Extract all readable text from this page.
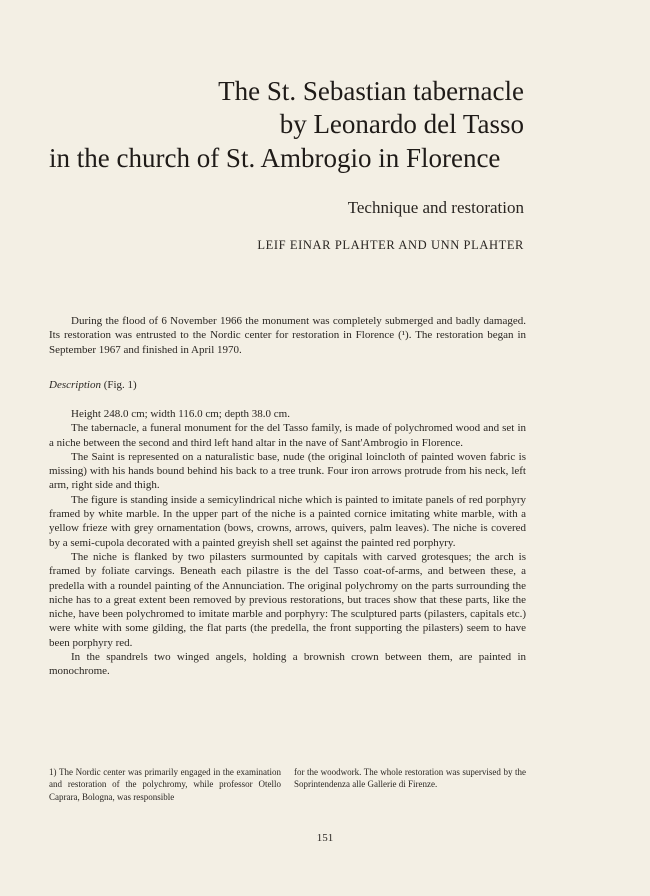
The St. Sebastian tabernacle
by Leonardo del Tasso
in the church of St. Ambrogio in Florence
Technique and restoration

LEIF EINAR PLAHTER AND UNN PLAHTER

During the flood of 6 November 1966 the monument was completely submerged and badly damaged. Its restoration was entrusted to the Nordic center for restoration in Florence (¹). The restoration began in September 1967 and finished in April 1970.

Description (Fig. 1)

Height 248.0 cm; width 116.0 cm; depth 38.0 cm.

The tabernacle, a funeral monument for the del Tasso family, is made of polychromed wood and set in a niche between the second and third left hand altar in the nave of Sant'Ambrogio in Florence.

The Saint is represented on a naturalistic base, nude (the original loincloth of painted woven fabric is missing) with his hands bound behind his back to a tree trunk. Four iron arrows protrude from his neck, left arm, right side and thigh.

The figure is standing inside a semicylindrical niche which is painted to imitate panels of red porphyry framed by white marble. In the upper part of the niche is a painted cornice imitating white marble, with a yellow frieze with grey ornamentation (bows, crowns, arrows, quivers, palm leaves). The niche is covered by a semi-cupola decorated with a painted greyish shell set against the painted red porphyry.

The niche is flanked by two pilasters surmounted by capitals with carved grotesques; the arch is framed by foliate carvings. Beneath each pilastre is the del Tasso coat-of-arms, and between these, a predella with a roundel painting of the Annunciation. The original polychromy on the parts surrounding the niche has to a great extent been removed by previous restorations, but traces show that these parts, like the niche, have been polychromed to imitate marble and porphyry: The sculptured parts (pilasters, capitals etc.) were white with some gilding, the flat parts (the predella, the front supporting the pilasters) seem to have been porphyry red.

In the spandrels two winged angels, holding a brownish crown between them, are painted in monochrome.

1) The Nordic center was primarily engaged in the examination and restoration of the polychromy, while professor Otello Caprara, Bologna, was responsible

for the woodwork. The whole restoration was supervised by the Soprintendenza alle Gallerie di Firenze.

151
